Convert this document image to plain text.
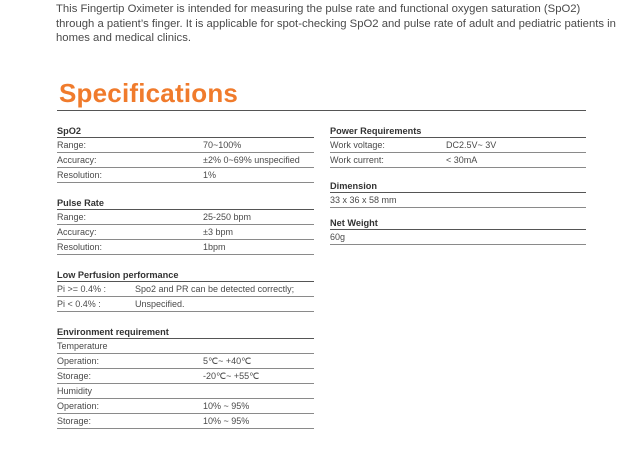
This Fingertip Oximeter is intended for measuring the pulse rate and functional oxygen saturation (SpO2) through a patient’s finger. It is applicable for spot-checking SpO2 and pulse rate of adult and pediatric patients in homes and medical clinics.

Specifications
SpO2
Range:	70~100%
Accuracy:	±2% 0~69% unspecified
Resolution:	1%
Pulse Rate
Range:	25-250 bpm
Accuracy:	±3 bpm
Resolution:	1bpm
Low Perfusion performance
Pi >= 0.4% :	Spo2 and PR can be detected correctly;
Pi < 0.4% :	Unspecified.
Environment requirement
Temperature
Operation:	5℃~ +40℃
Storage:	-20℃~ +55℃
Humidity
Operation:	10% ~ 95%
Storage:	10% ~ 95%
Power Requirements
Work voltage:	DC2.5V~ 3V
Work current:	< 30mA
Dimension
33 x 36 x 58 mm
Net Weight
60g
